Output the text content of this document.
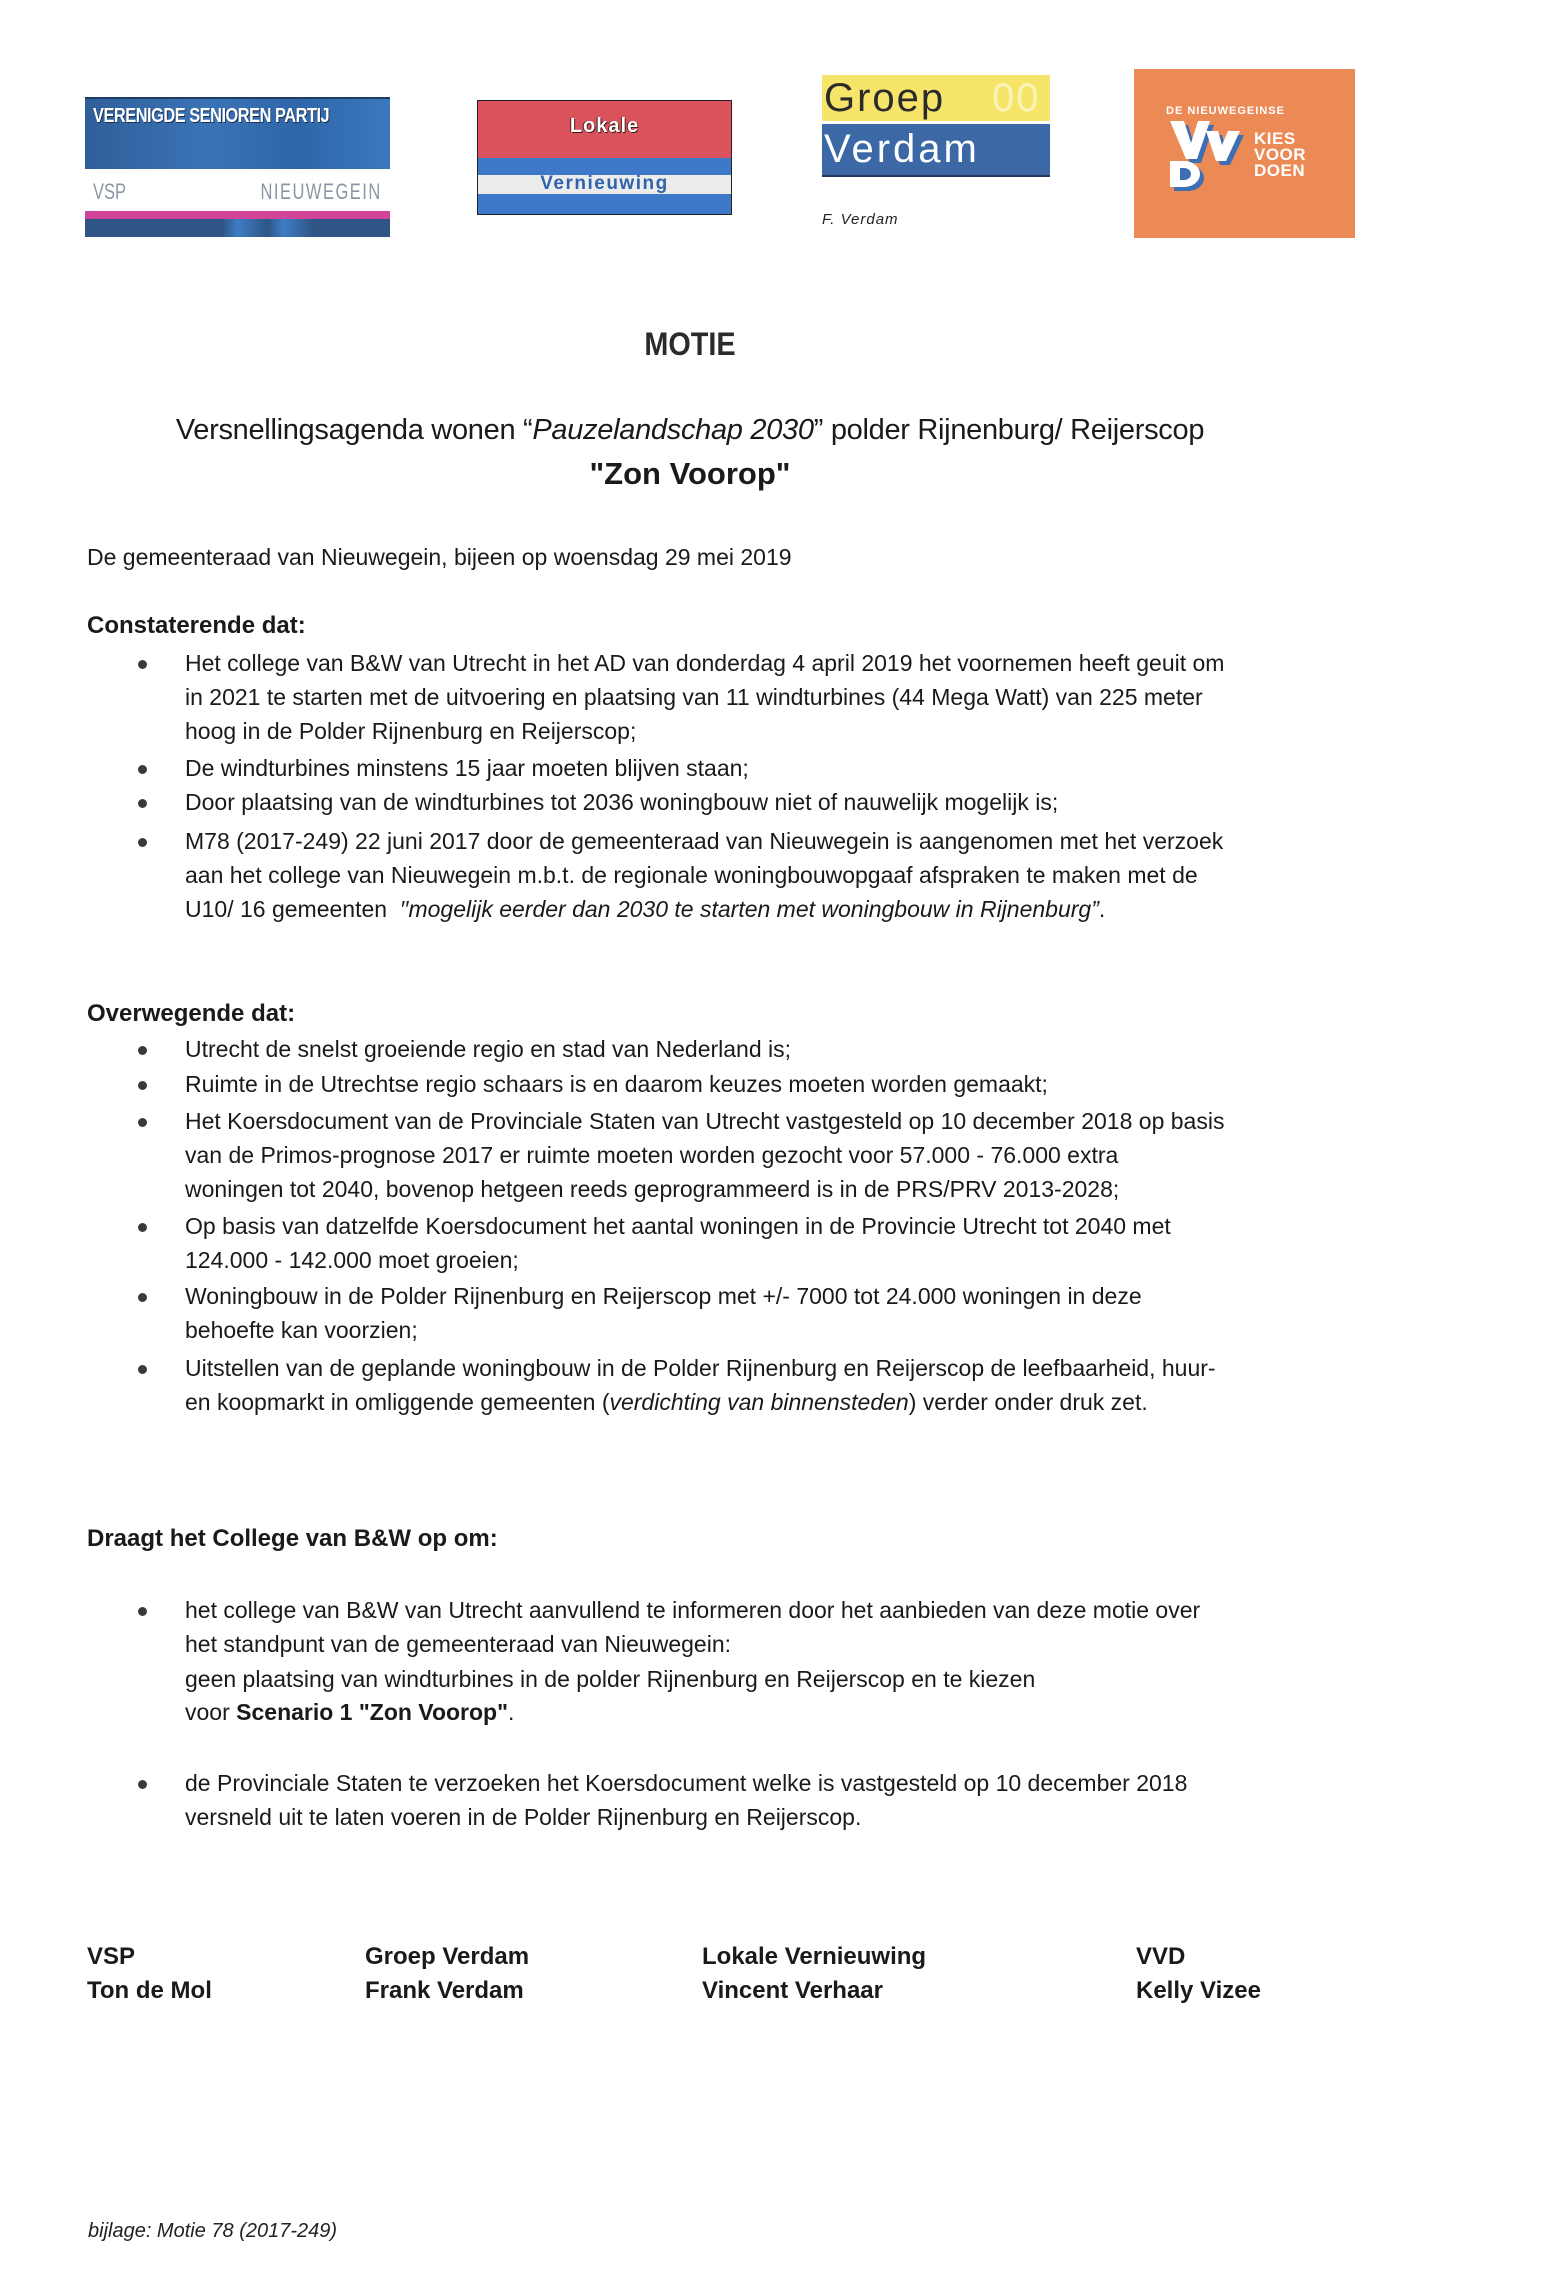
VERENIGDE SENIOREN PARTIJ
VSP	NIEUWEGEIN
Lokale
Vernieuwing
Groep 00
Verdam
F. Verdam
DE NIEUWEGEINSE
KIES
VOOR
DOEN
MOTIE
Versnellingsagenda wonen “Pauzelandschap 2030” polder Rijnenburg/ Reijerscop
"Zon Voorop"
De gemeenteraad van Nieuwegein, bijeen op woensdag 29 mei 2019
Constaterende dat:
Het college van B&W van Utrecht in het AD van donderdag 4 april 2019 het voornemen heeft geuit om
in 2021 te starten met de uitvoering en plaatsing van 11 windturbines (44 Mega Watt) van 225 meter
hoog in de Polder Rijnenburg en Reijerscop;
De windturbines minstens 15 jaar moeten blijven staan;
Door plaatsing van de windturbines tot 2036 woningbouw niet of nauwelijk mogelijk is;
M78 (2017-249) 22 juni 2017 door de gemeenteraad van Nieuwegein is aangenomen met het verzoek
aan het college van Nieuwegein m.b.t. de regionale woningbouwopgaaf afspraken te maken met de
U10/ 16 gemeenten  ′′mogelijk eerder dan 2030 te starten met woningbouw in Rijnenburg”.
Overwegende dat:
Utrecht de snelst groeiende regio en stad van Nederland is;
Ruimte in de Utrechtse regio schaars is en daarom keuzes moeten worden gemaakt;
Het Koersdocument van de Provinciale Staten van Utrecht vastgesteld op 10 december 2018 op basis
van de Primos-prognose 2017 er ruimte moeten worden gezocht voor 57.000 - 76.000 extra
woningen tot 2040, bovenop hetgeen reeds geprogrammeerd is in de PRS/PRV 2013-2028;
Op basis van datzelfde Koersdocument het aantal woningen in de Provincie Utrecht tot 2040 met
124.000 - 142.000 moet groeien;
Woningbouw in de Polder Rijnenburg en Reijerscop met +/- 7000 tot 24.000 woningen in deze
behoefte kan voorzien;
Uitstellen van de geplande woningbouw in de Polder Rijnenburg en Reijerscop de leefbaarheid, huur-
en koopmarkt in omliggende gemeenten (verdichting van binnensteden) verder onder druk zet.
Draagt het College van B&W op om:
het college van B&W van Utrecht aanvullend te informeren door het aanbieden van deze motie over
het standpunt van de gemeenteraad van Nieuwegein:
geen plaatsing van windturbines in de polder Rijnenburg en Reijerscop en te kiezen
voor Scenario 1 "Zon Voorop".
de Provinciale Staten te verzoeken het Koersdocument welke is vastgesteld op 10 december 2018
versneld uit te laten voeren in de Polder Rijnenburg en Reijerscop.
VSP
Ton de Mol
Groep Verdam
Frank Verdam
Lokale Vernieuwing
Vincent Verhaar
VVD
Kelly Vizee
bijlage: Motie 78 (2017-249)
